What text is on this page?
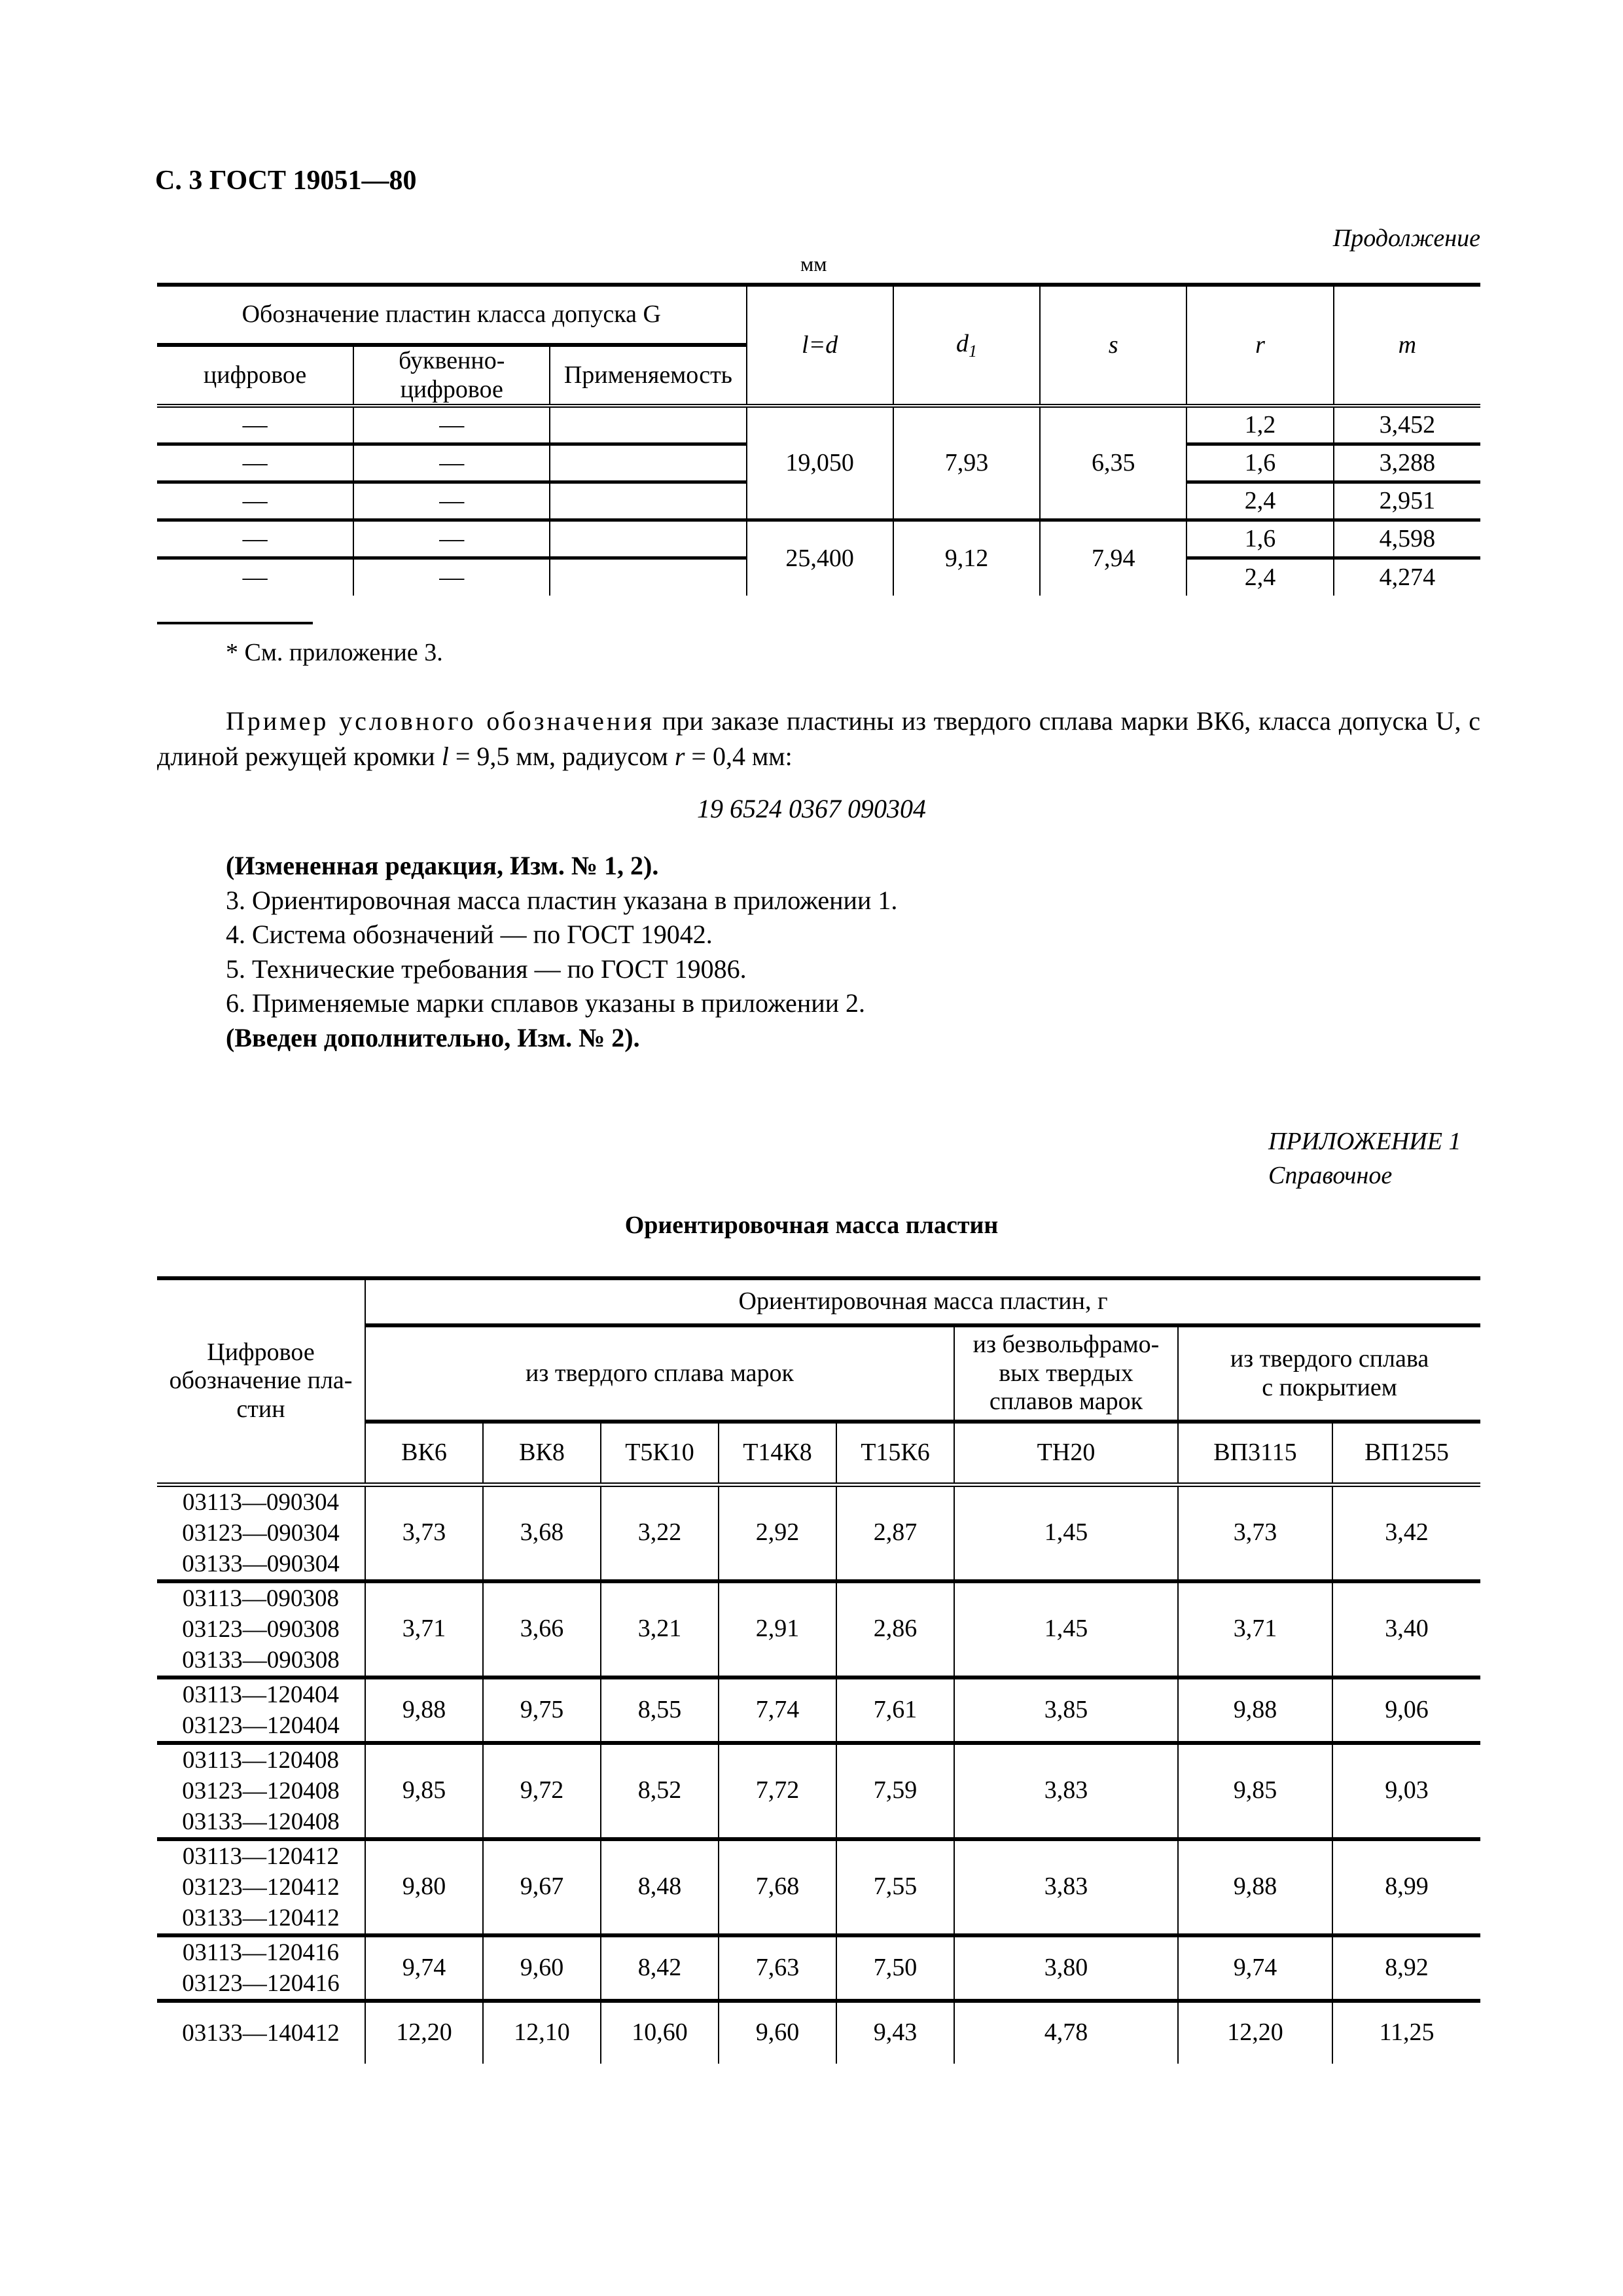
С. 3 ГОСТ 19051—80
Продолжение
мм
Обозначение пластин класса допуска G			l=d	$d_1$	s	r	m
цифровое	буквенно-
цифровое	Применяемость					
—	—		19,050	7,93	6,35	1,2	3,452
—	—					1,6	3,288
—	—					2,4	2,951
—	—		25,400	9,12	7,94	1,6	4,598
—	—					2,4	4,274
* См. приложение 3.
Пример условного обозначения при заказе пластины из твердого сплава марки ВК6, класса допуска U, с длиной режущей кромки l = 9,5 мм, радиусом r = 0,4 мм:
19 6524 0367 090304
(Измененная редакция, Изм. № 1, 2).
3. Ориентировочная масса пластин указана в приложении 1.
4. Система обозначений — по ГОСТ 19042.
5. Технические требования — по ГОСТ 19086.
6. Применяемые марки сплавов указаны в приложении 2.
(Введен дополнительно, Изм. № 2).
ПРИЛОЖЕНИЕ 1
Справочное
Ориентировочная масса пластин
Цифровое
обозначение пла-
стин	Ориентировочная масса пластин, г							
из твердого сплава марок	
из безвольфрамо-
вых твердых
сплавов марок

из твердого сплава
с покрытием

	ВК6	ВК8	Т5К10	Т14К8	Т15К6	ТН20	ВП3115	ВП1255

03113—090304
03123—090304
03133—090304	3,73	3,68	3,22	2,92	2,87	1,45	3,73	3,42

03113—090308
03123—090308
03133—090308	3,71	3,66	3,21	2,91	2,86	1,45	3,71	3,40

03113—120404
03123—120404	9,88	9,75	8,55	7,74	7,61	3,85	9,88	9,06

03113—120408
03123—120408
03133—120408	9,85	9,72	8,52	7,72	7,59	3,83	9,85	9,03

03113—120412
03123—120412
03133—120412	9,80	9,67	8,48	7,68	7,55	3,83	9,88	8,99

03113—120416
03123—120416	9,74	9,60	8,42	7,63	7,50	3,80	9,74	8,92

03133—140412	12,20	12,10	10,60	9,60	9,43	4,78	12,20	11,25
